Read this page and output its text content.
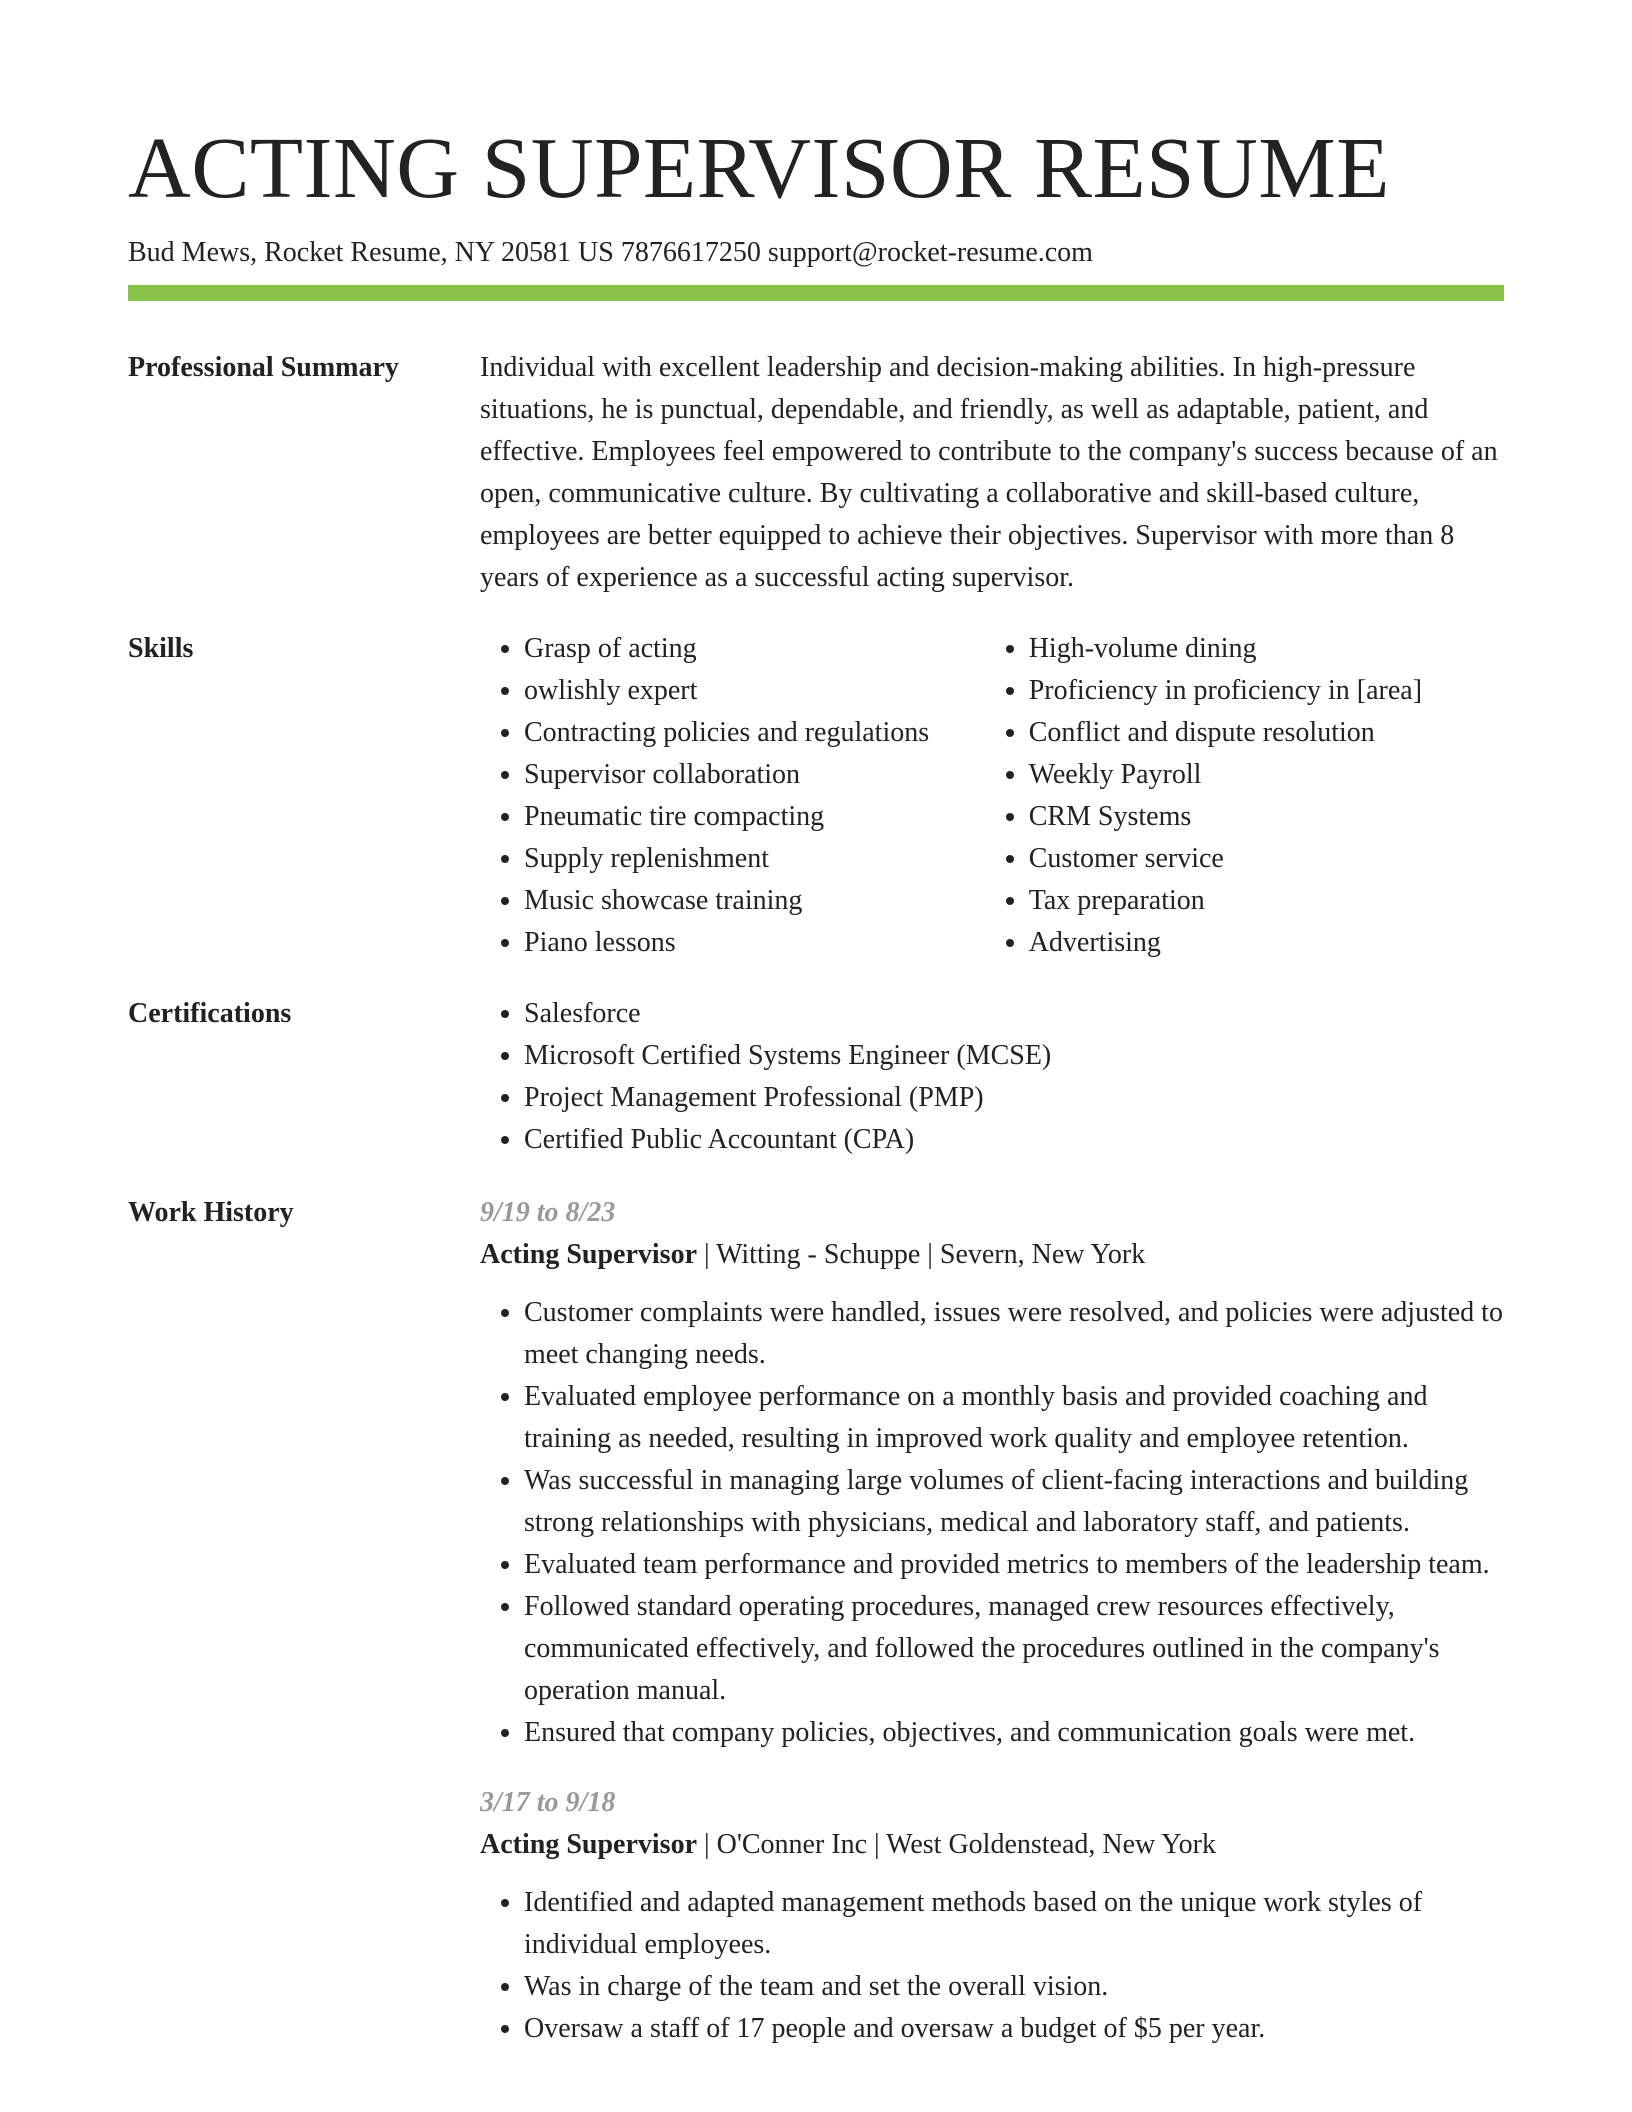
ACTING SUPERVISOR RESUME
Bud Mews, Rocket Resume, NY 20581 US 7876617250 support@rocket-resume.com
Professional Summary	Individual with excellent leadership and decision-making abilities. In high-pressure situations, he is punctual, dependable, and friendly, as well as adaptable, patient, and effective. Employees feel empowered to contribute to the company's success because of an open, communicative culture. By cultivating a collaborative and skill-based culture, employees are better equipped to achieve their objectives. Supervisor with more than 8 years of experience as a successful acting supervisor.

Skills	• Grasp of acting
• owlishly expert
• Contracting policies and regulations
• Supervisor collaboration
• Pneumatic tire compacting
• Supply replenishment
• Music showcase training
• Piano lessons
• High-volume dining
• Proficiency in proficiency in [area]
• Conflict and dispute resolution
• Weekly Payroll
• CRM Systems
• Customer service
• Tax preparation
• Advertising
Certifications	• Salesforce
• Microsoft Certified Systems Engineer (MCSE)
• Project Management Professional (PMP)
• Certified Public Accountant (CPA)
Work History	9/19 to 8/23
Acting Supervisor | Witting - Schuppe | Severn, New York
• Customer complaints were handled, issues were resolved, and policies were adjusted to meet changing needs.
• Evaluated employee performance on a monthly basis and provided coaching and training as needed, resulting in improved work quality and employee retention.
• Was successful in managing large volumes of client-facing interactions and building strong relationships with physicians, medical and laboratory staff, and patients.
• Evaluated team performance and provided metrics to members of the leadership team.
• Followed standard operating procedures, managed crew resources effectively, communicated effectively, and followed the procedures outlined in the company's operation manual.
• Ensured that company policies, objectives, and communication goals were met.
3/17 to 9/18
Acting Supervisor | O'Conner Inc | West Goldenstead, New York
• Identified and adapted management methods based on the unique work styles of individual employees.
• Was in charge of the team and set the overall vision.
• Oversaw a staff of 17 people and oversaw a budget of $5 per year.
